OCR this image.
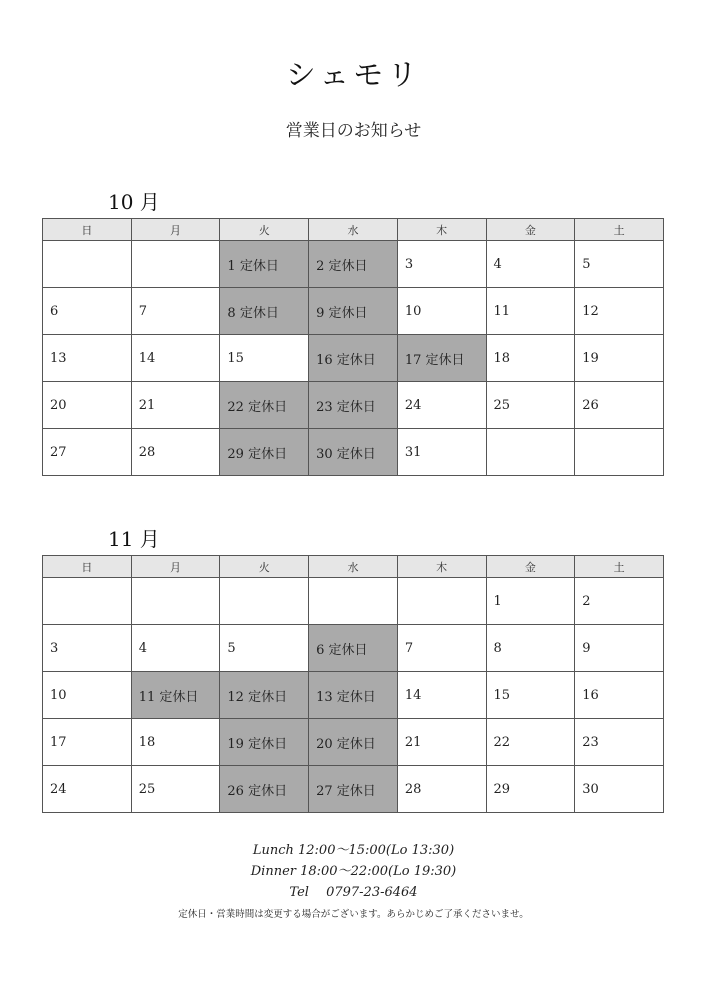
シェモリ
営業日のお知らせ
10 月
日	月	火	水	木	金	土
		1 定休日	2 定休日	3	4	5
6	7	8 定休日	9 定休日	10	11	12
13	14	15	16 定休日	17 定休日	18	19
20	21	22 定休日	23 定休日	24	25	26
27	28	29 定休日	30 定休日	31		
11 月
日	月	火	水	木	金	土
					1	2
3	4	5	6 定休日	7	8	9
10	11 定休日	12 定休日	13 定休日	14	15	16
17	18	19 定休日	20 定休日	21	22	23
24	25	26 定休日	27 定休日	28	29	30
Lunch 12:00～15:00(Lo 13:30)
Dinner 18:00～22:00(Lo 19:30)
Tel　 0797-23-6464
定休日・営業時間は変更する場合がございます。あらかじめご了承くださいませ。
